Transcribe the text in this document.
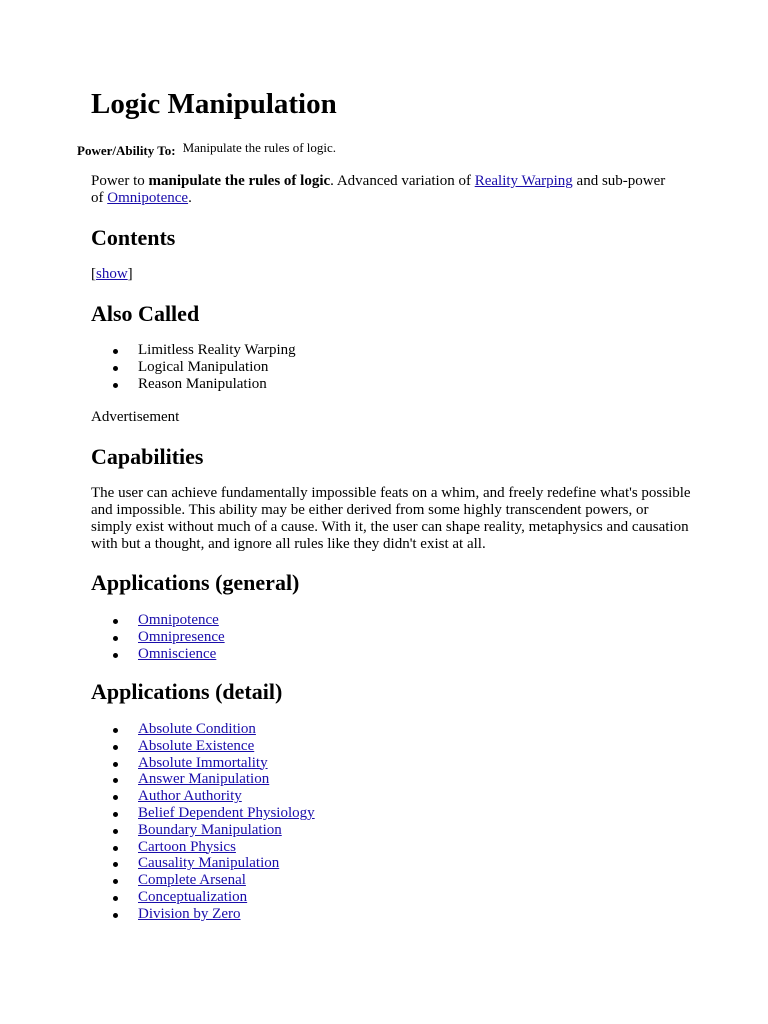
Logic Manipulation
Power/Ability To: Manipulate the rules of logic.

Power to manipulate the rules of logic. Advanced variation of Reality Warping and sub-power of Omnipotence.

Contents
[show]
Also Called
Limitless Reality Warping
Logical Manipulation
Reason Manipulation
Advertisement
Capabilities

The user can achieve fundamentally impossible feats on a whim, and freely redefine what's possible and impossible. This ability may be either derived from some highly transcendent powers, or simply exist without much of a cause. With it, the user can shape reality, metaphysics and causation with but a thought, and ignore all rules like they didn't exist at all.

Applications (general)
Omnipotence
Omnipresence
Omniscience
Applications (detail)
Absolute Condition
Absolute Existence
Absolute Immortality
Answer Manipulation
Author Authority
Belief Dependent Physiology
Boundary Manipulation
Cartoon Physics
Causality Manipulation
Complete Arsenal
Conceptualization
Division by Zero
